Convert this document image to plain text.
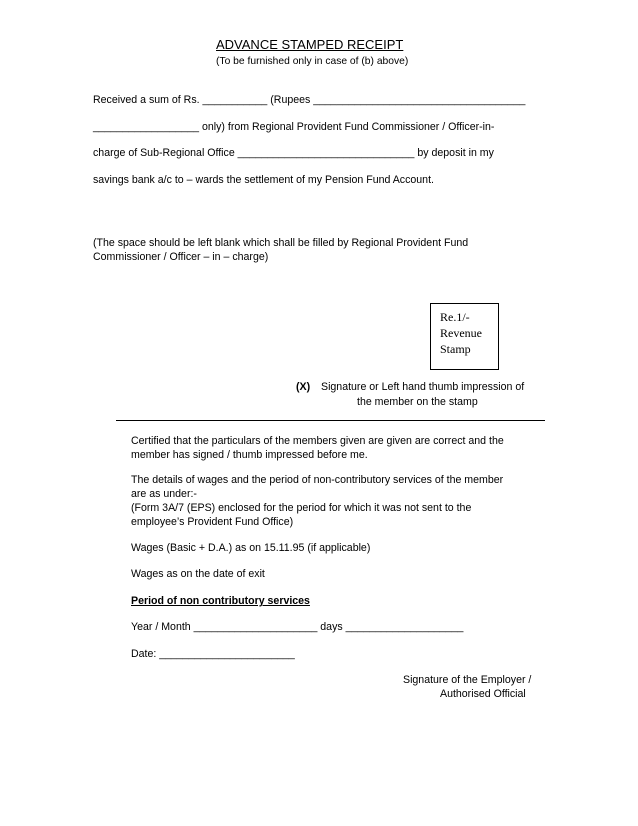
ADVANCE STAMPED RECEIPT
(To be furnished only in case of (b) above)
Received a sum of Rs. ___________ (Rupees ____________________________________
__________________ only) from Regional Provident Fund Commissioner / Officer-in-
charge of Sub-Regional Office ______________________________ by deposit in my
savings bank a/c to – wards the settlement of my Pension Fund Account.
(The space should be left blank which shall be filled by Regional Provident Fund
Commissioner / Officer – in – charge)
Re.1/-
Revenue
Stamp
(X) Signature or Left hand thumb impression of
the member on the stamp
Certified that the particulars of the members given are given are correct and the
member has signed / thumb impressed before me.
The details of wages and the period of non-contributory services of the member
are as under:-
(Form 3A/7 (EPS) enclosed for the period for which it was not sent to the
employee’s Provident Fund Office)
Wages (Basic + D.A.) as on 15.11.95 (if applicable)
Wages as on the date of exit
Period of non contributory services
Year / Month _____________________ days ____________________
Date: _______________________
Signature of the Employer /
Authorised Official
